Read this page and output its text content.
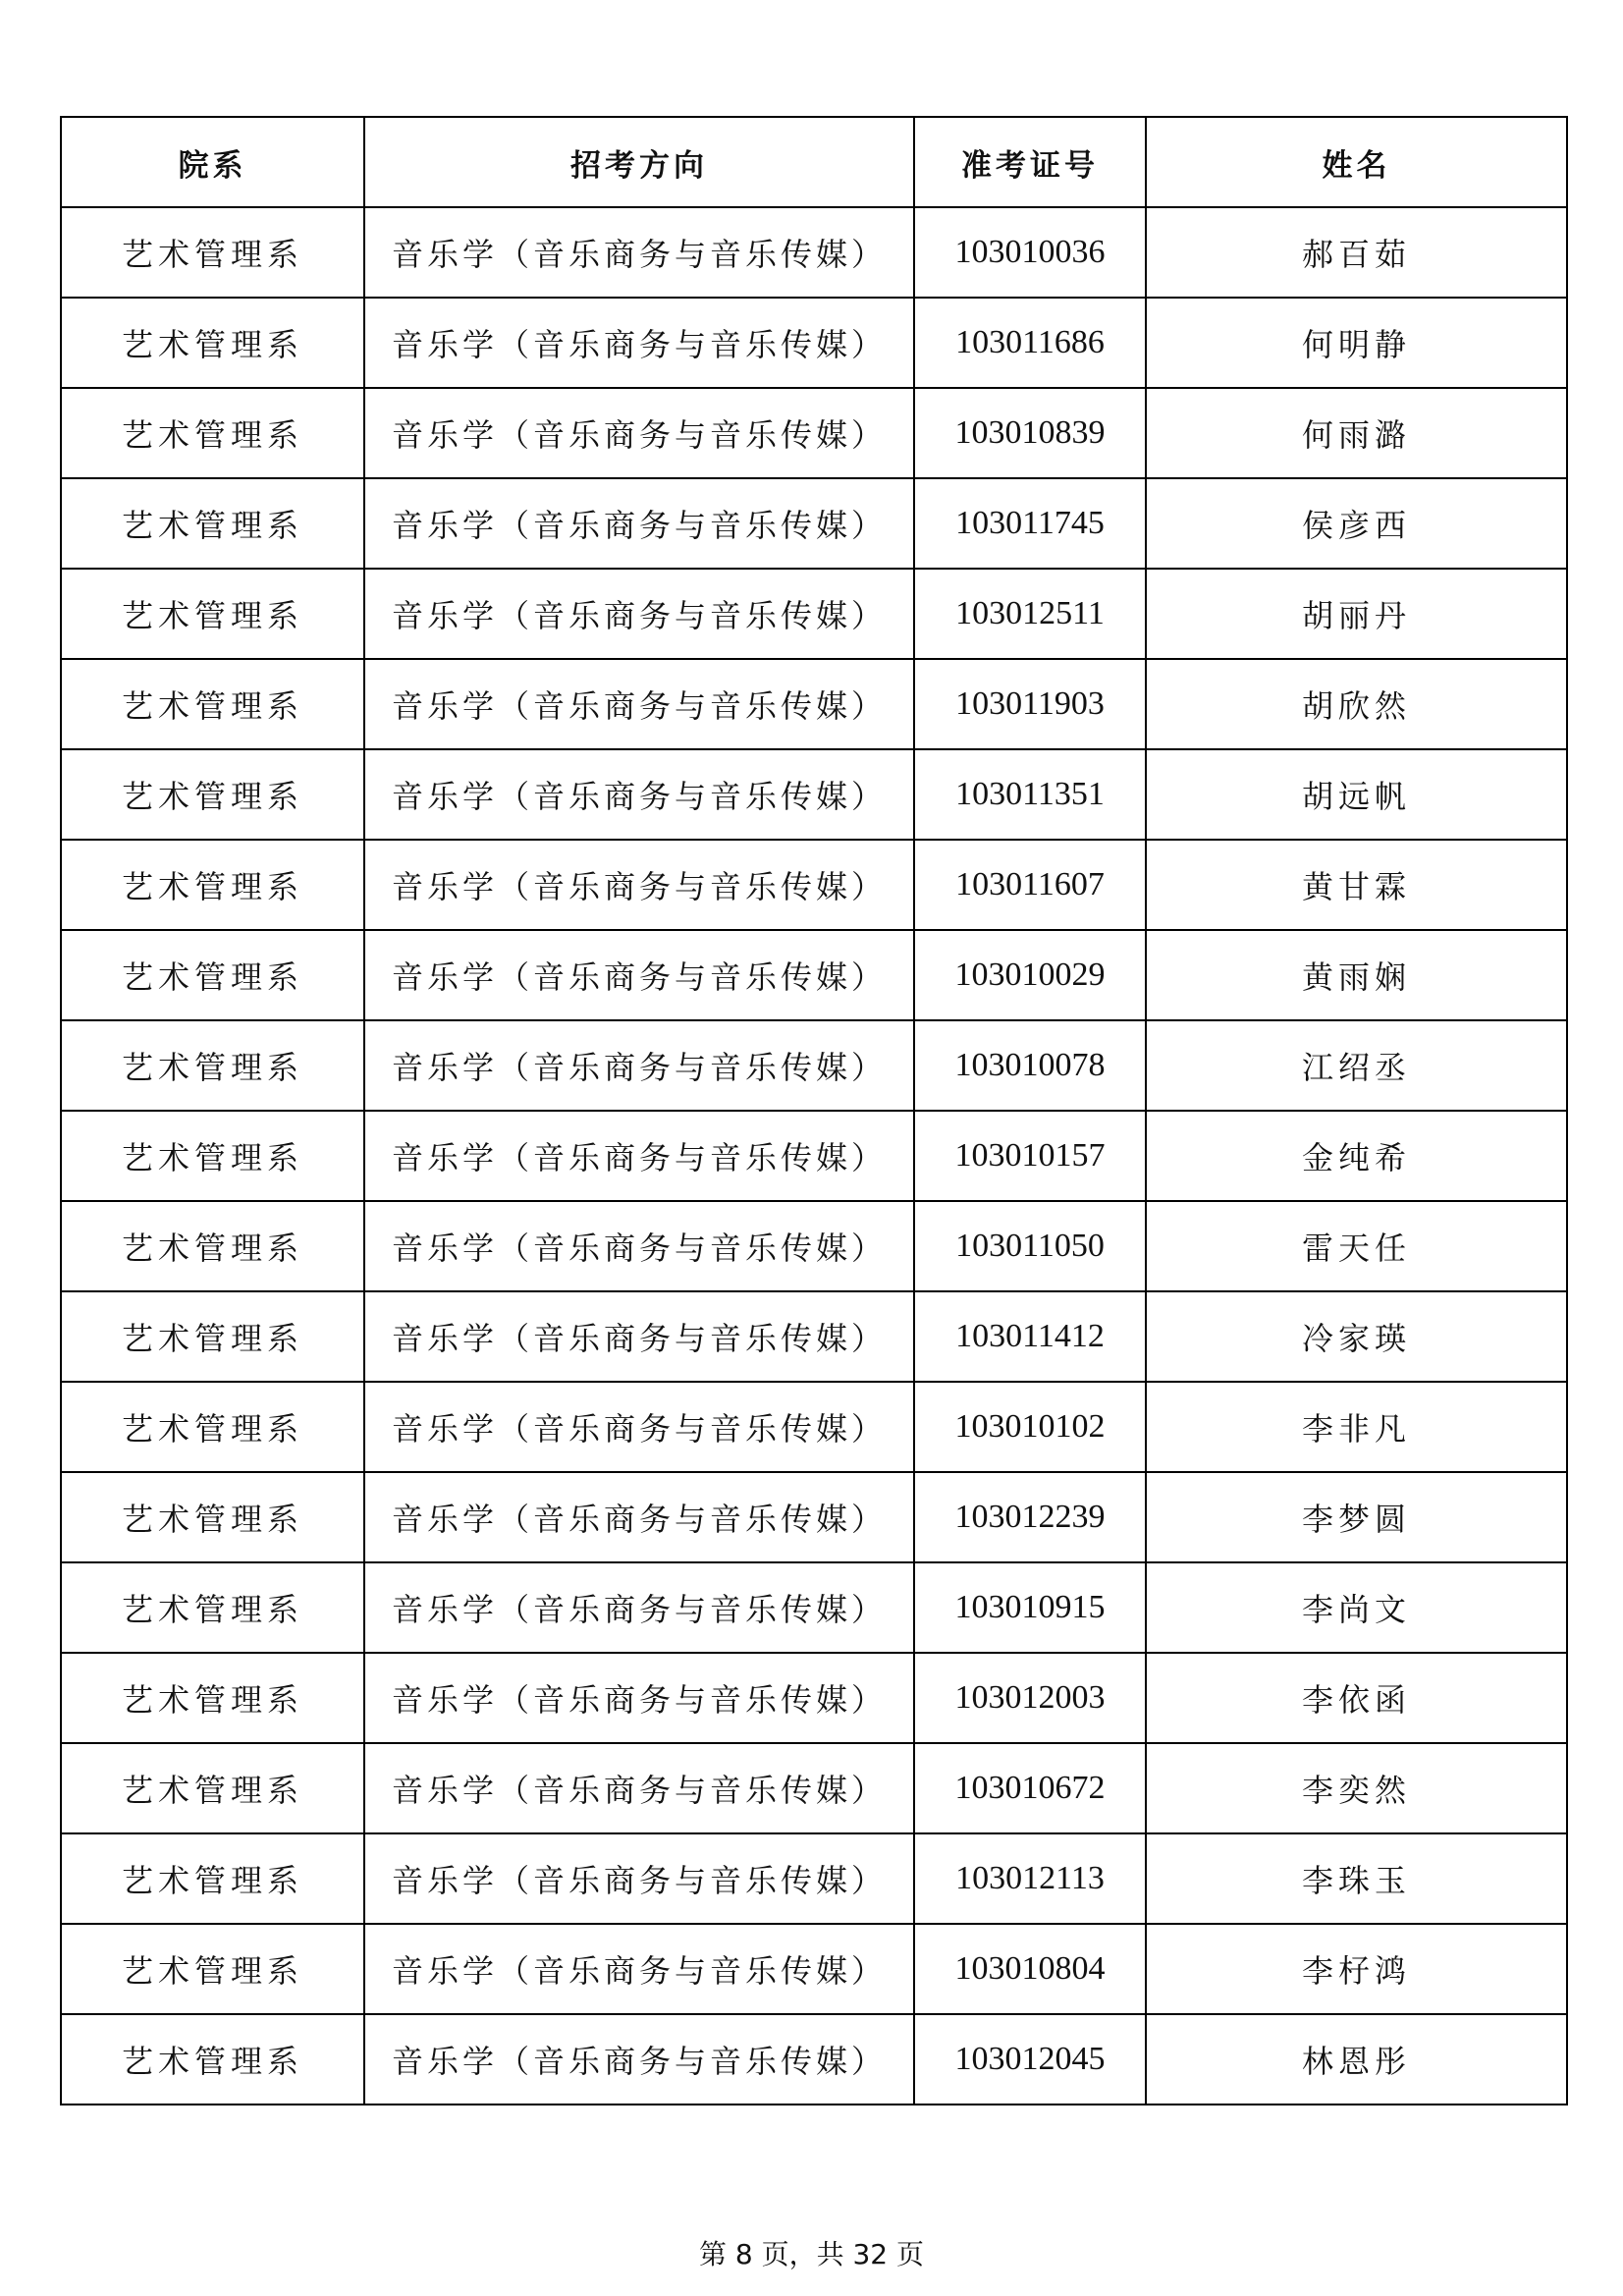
院系	招考方向	准考证号	姓名
艺术管理系	音乐学（音乐商务与音乐传媒）	103010036	郝百茹
艺术管理系	音乐学（音乐商务与音乐传媒）	103011686	何明静
艺术管理系	音乐学（音乐商务与音乐传媒）	103010839	何雨潞
艺术管理系	音乐学（音乐商务与音乐传媒）	103011745	侯彦西
艺术管理系	音乐学（音乐商务与音乐传媒）	103012511	胡丽丹
艺术管理系	音乐学（音乐商务与音乐传媒）	103011903	胡欣然
艺术管理系	音乐学（音乐商务与音乐传媒）	103011351	胡远帆
艺术管理系	音乐学（音乐商务与音乐传媒）	103011607	黄甘霖
艺术管理系	音乐学（音乐商务与音乐传媒）	103010029	黄雨娴
艺术管理系	音乐学（音乐商务与音乐传媒）	103010078	江绍丞
艺术管理系	音乐学（音乐商务与音乐传媒）	103010157	金纯希
艺术管理系	音乐学（音乐商务与音乐传媒）	103011050	雷天任
艺术管理系	音乐学（音乐商务与音乐传媒）	103011412	冷家瑛
艺术管理系	音乐学（音乐商务与音乐传媒）	103010102	李非凡
艺术管理系	音乐学（音乐商务与音乐传媒）	103012239	李梦圆
艺术管理系	音乐学（音乐商务与音乐传媒）	103010915	李尚文
艺术管理系	音乐学（音乐商务与音乐传媒）	103012003	李依函
艺术管理系	音乐学（音乐商务与音乐传媒）	103010672	李奕然
艺术管理系	音乐学（音乐商务与音乐传媒）	103012113	李珠玉
艺术管理系	音乐学（音乐商务与音乐传媒）	103010804	李杍鸿
艺术管理系	音乐学（音乐商务与音乐传媒）	103012045	林恩彤
第 8 页，共 32 页
